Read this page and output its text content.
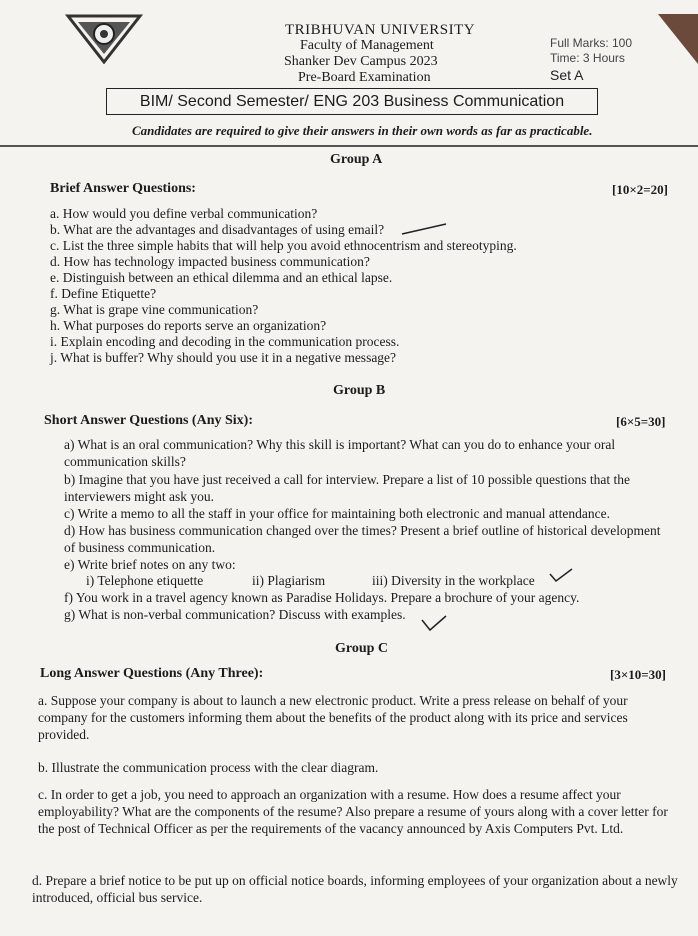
TRIBHUVAN UNIVERSITY
Faculty of Management
Shanker Dev Campus 2023
Pre-Board Examination
Full Marks: 100
Time: 3 Hours
Set A
BIM/ Second Semester/ ENG 203 Business Communication
Candidates are required to give their answers in their own words as far as practicable.
Group A
Brief Answer Questions:	[10×2=20]
a. How would you define verbal communication?
b. What are the advantages and disadvantages of using email?
c. List the three simple habits that will help you avoid ethnocentrism and stereotyping.
d. How has technology impacted business communication?
e. Distinguish between an ethical dilemma and an ethical lapse.
f. Define Etiquette?
g. What is grape vine communication?
h. What purposes do reports serve an organization?
i. Explain encoding and decoding in the communication process.
j. What is buffer? Why should you use it in a negative message?
Group B
Short Answer Questions (Any Six):	[6×5=30]
a) What is an oral communication? Why this skill is important? What can you do to enhance your oral communication skills?
b) Imagine that you have just received a call for interview. Prepare a list of 10 possible questions that the interviewers might ask you.
c) Write a memo to all the staff in your office for maintaining both electronic and manual attendance.
d) How has business communication changed over the times? Present a brief outline of historical development of business communication.
e) Write brief notes on any two:
i) Telephone etiquette	ii) Plagiarism	iii) Diversity in the workplace
f) You work in a travel agency known as Paradise Holidays. Prepare a brochure of your agency.
g) What is non-verbal communication? Discuss with examples.
Group C
Long Answer Questions (Any Three):	[3×10=30]
a. Suppose your company is about to launch a new electronic product. Write a press release on behalf of your company for the customers informing them about the benefits of the product along with its price and services provided.
b. Illustrate the communication process with the clear diagram.
c. In order to get a job, you need to approach an organization with a resume. How does a resume affect your employability? What are the components of the resume? Also prepare a resume of yours along with a cover letter for the post of Technical Officer as per the requirements of the vacancy announced by Axis Computers Pvt. Ltd.
d. Prepare a brief notice to be put up on official notice boards, informing employees of your organization about a newly introduced, official bus service.
